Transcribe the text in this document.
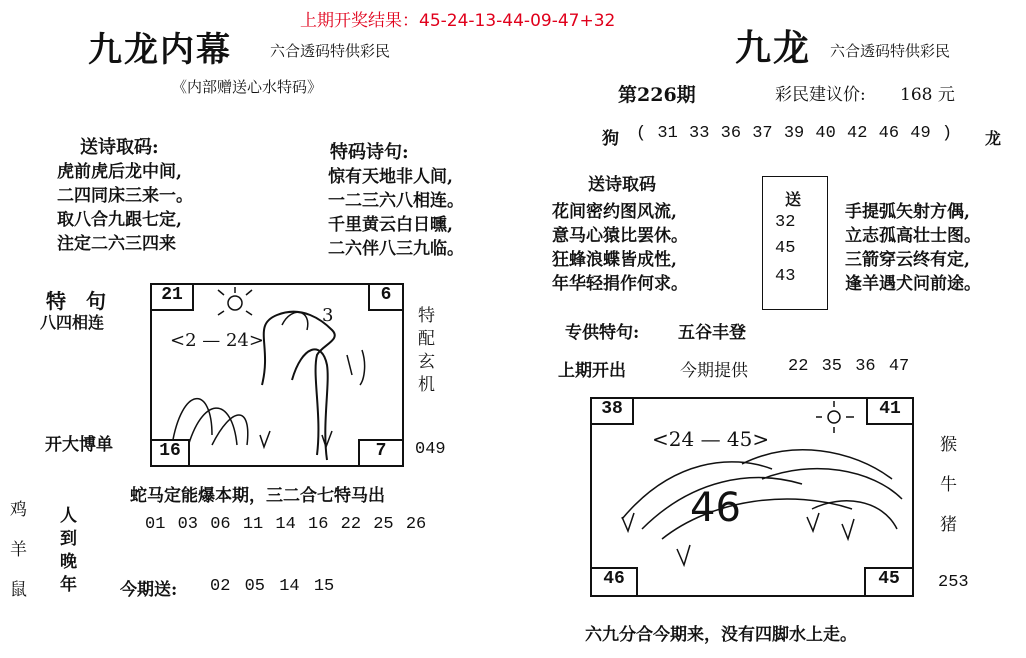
上期开奖结果：45-24-13-44-09-47+32
九龙内幕	六合透码特供彩民
《内部赠送心水特码》
送诗取码:
虎前虎后龙中间,
二四同床三来一。
取八合九跟七定,
注定二六三四来
特码诗句:
惊有天地非人间,
一二三六八相连。
千里黄云白日曛,
二六伴八三九临。
特　句
八四相连
开大博单
<2 — 24>
3
21	6
16	7
特
配
玄
机
049
蛇马定能爆本期，三二合七特马出
01 03 06 11 14 16 22 25 26
鸡
羊
鼠
人
到
晚
年	今期送: 02 05 14 15
九龙 六合透码特供彩民
第226期	彩民建议价: 168 元
狗 ( 31 33 36 37 39 40 42 46 49 ) 龙
送诗取码
花间密约图风流,
意马心猿比罢休。
狂蜂浪蝶皆成性,
年华轻捐作何求。
送
32
45
43
手提弧矢射方偶,
立志孤高壮士图。
三箭穿云终有定,
逢羊遇犬问前途。
专供特句: 五谷丰登
上期开出	今期提供 22 35 36 47
<24 — 45>
46
38	41
46	45
猴
牛
猪
253
六九分合今期来，没有四脚水上走。
